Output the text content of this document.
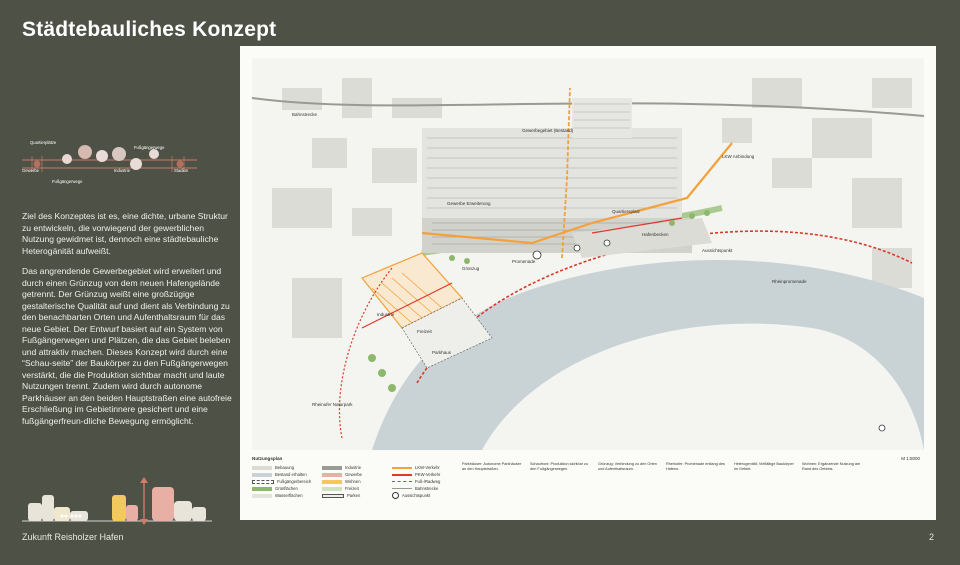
Städtebauliches Konzept
Quartierplätze
Fußgängerwege
Gewerbe	Industrie
Fußgängerwege
Stadion

Ziel des Konzeptes ist es, eine dichte, urbane Struktur zu entwickeln, die vorwiegend der gewerblichen Nutzung gewidmet ist, dennoch eine städtebauliche Heterogänität aufweißt.

Das angrendende Gewerbegebiet wird erweitert und durch einen Grünzug von dem neuen Hafengelände getrennt. Der Grünzug weißt eine großzügige gestalterische Qualität auf und dient als Verbindung zu den benachbarten Orten und Aufenthaltsraum für das neue Gebiet. Der Entwurf basiert auf ein System von Fußgängerwegen und Plätzen, die das Gebiet beleben und attraktiv machen. Dieses Konzept wird durch eine “Schau-seite” der Baukörper zu den Fußgängerwegen verstärkt, die die Produktion sichtbar macht und laute Nutzungen trennt. Zudem wird durch autonome Parkhäuser an den beiden Hauptstraßen eine autofreie Erschließung im Gebietinnere gesichert und eine fußgängerfreun-dliche Bewegung ermöglicht.

Zukunft Reisholzer Hafen	2
Gewerbegebiet (Bestand)
Bahnstrecke
Gewerbe Erweiterung
Grünzug
LKW Anbindung
Quartiersplatz
Hafenbecken
Promenade
Industrie
Freizeit
Rheinpromenade
Aussichtspunkt
Parkhaus
Rheinufer Naturpark
Nutzungsplan	M 1:5000
Bebauung
Bestand erhalten
Fußgängerbereich
Grünflächen
Wasserflächen
Industrie
Gewerbe
Wohnen
Freizeit
Parken
LKW-Verkehr
PKW-Verkehr
Fuß-/Radweg
Bahnstrecke
Aussichtspunkt
Parkhäuser: Autonome Parkhäuser an den Hauptstraßen.
Schaufront: Produktion sichtbar zu den Fußgängerwegen.
Grünzug: Verbindung zu den Orten und Aufenthaltsraum.
Rheinufer: Promenade entlang des Hafens.
Heterogenität: Vielfältige Baukörper im Gebiet.
Wohnen: Ergänzende Nutzung am Rand des Gebiets.
